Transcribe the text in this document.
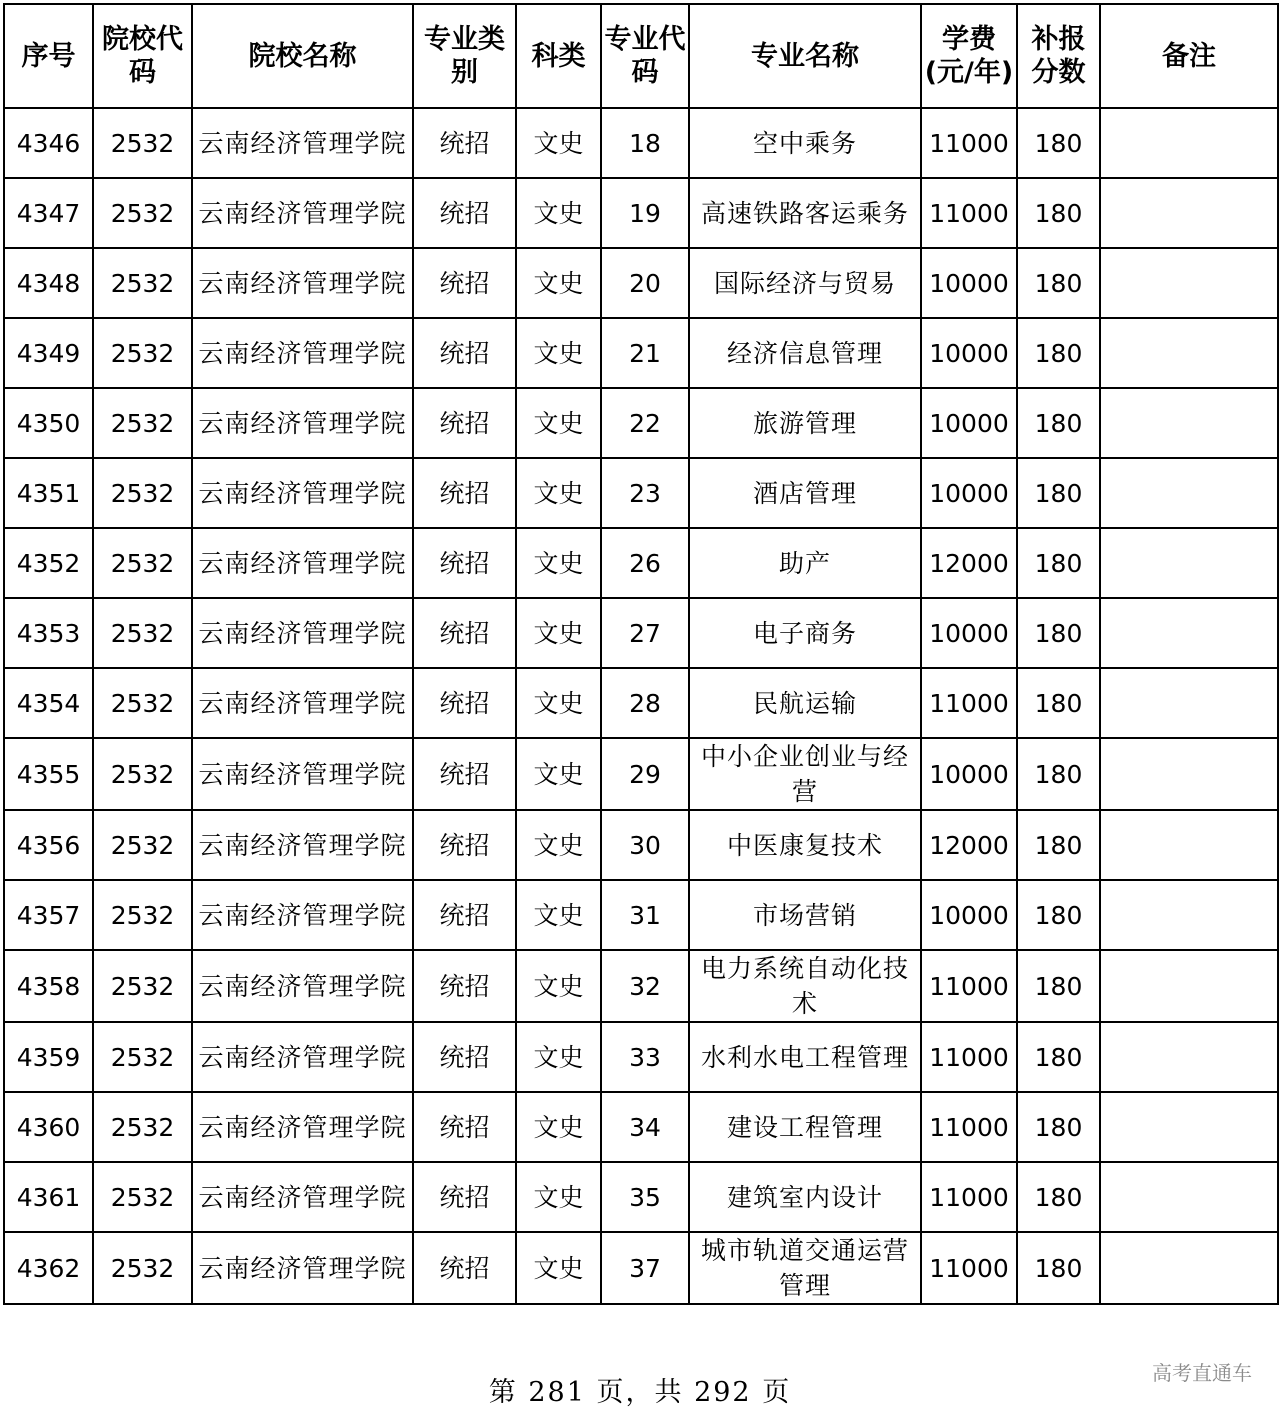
序号	院校代码	院校名称	专业类别	科类	专业代码	专业名称	学费(元/年)	补报分数	备注
4346	2532	云南经济管理学院	统招	文史	18	空中乘务	11000	180	
4347	2532	云南经济管理学院	统招	文史	19	高速铁路客运乘务	11000	180	
4348	2532	云南经济管理学院	统招	文史	20	国际经济与贸易	10000	180	
4349	2532	云南经济管理学院	统招	文史	21	经济信息管理	10000	180	
4350	2532	云南经济管理学院	统招	文史	22	旅游管理	10000	180	
4351	2532	云南经济管理学院	统招	文史	23	酒店管理	10000	180	
4352	2532	云南经济管理学院	统招	文史	26	助产	12000	180	
4353	2532	云南经济管理学院	统招	文史	27	电子商务	10000	180	
4354	2532	云南经济管理学院	统招	文史	28	民航运输	11000	180	
4355	2532	云南经济管理学院	统招	文史	29	中小企业创业与经营	10000	180	
4356	2532	云南经济管理学院	统招	文史	30	中医康复技术	12000	180	
4357	2532	云南经济管理学院	统招	文史	31	市场营销	10000	180	
4358	2532	云南经济管理学院	统招	文史	32	电力系统自动化技术	11000	180	
4359	2532	云南经济管理学院	统招	文史	33	水利水电工程管理	11000	180	
4360	2532	云南经济管理学院	统招	文史	34	建设工程管理	11000	180	
4361	2532	云南经济管理学院	统招	文史	35	建筑室内设计	11000	180	
4362	2532	云南经济管理学院	统招	文史	37	城市轨道交通运营管理	11000	180	
第 281 页，共 292 页
高考直通车
